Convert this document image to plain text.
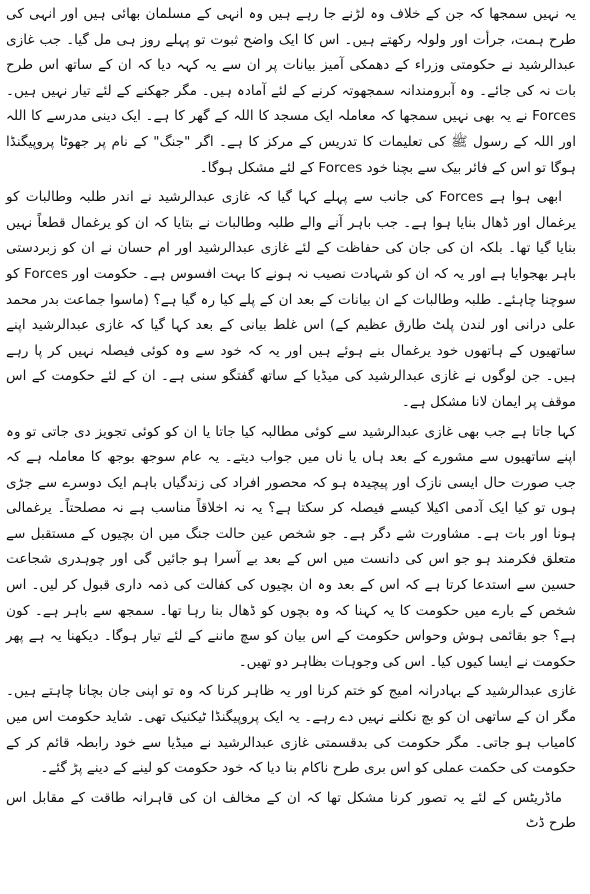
یہ نہیں سمجھا کہ جن کے خلاف وہ لڑنے جا رہے ہیں وہ انہی کے مسلمان بھائی ہیں اور انہی کی طرح ہمت، جرأت اور ولولہ رکھتے ہیں۔ اس کا ایک واضح ثبوت تو پہلے روز ہی مل گیا۔ جب غازی عبدالرشید نے حکومتی وزراء کے دھمکی آمیز بیانات پر ان سے یہ کہہ دیا کہ ان کے ساتھ اس طرح بات نہ کی جائے۔ وہ آبرومندانہ سمجھوتہ کرنے کے لئے آمادہ ہیں۔ مگر جھکنے کے لئے تیار نہیں ہیں۔ Forces نے یہ بھی نہیں سمجھا کہ معاملہ ایک مسجد کا اللہ کے گھر کا ہے۔ ایک دینی مدرسے کا اللہ اور اللہ کے رسول ﷺ کی تعلیمات کا تدریس کے مرکز کا ہے۔ اگر "جنگ" کے نام پر جھوٹا پروپیگنڈا ہوگا تو اس کے فائر بیک سے بچنا خود Forces کے لئے مشکل ہوگا۔

ابھی ہوا ہے Forces کی جانب سے پہلے کہا گیا کہ غازی عبدالرشید نے اندر طلبہ وطالبات کو یرغمال اور ڈھال بنایا ہوا ہے۔ جب باہر آنے والے طلبہ وطالبات نے بتایا کہ ان کو یرغمال قطعاً نہیں بنایا گیا تھا۔ بلکہ ان کی جان کی حفاظت کے لئے غازی عبدالرشید اور ام حسان نے ان کو زبردستی باہر بھجوایا ہے اور یہ کہ ان کو شہادت نصیب نہ ہونے کا بہت افسوس ہے۔ حکومت اور Forces کو سوچنا چاہئے۔ طلبہ وطالبات کے ان بیانات کے بعد ان کے پلے کیا رہ گیا ہے؟ (ماسوا جماعت بدر محمد علی درانی اور لندن پلٹ طارق عظیم کے) اس غلط بیانی کے بعد کہا گیا کہ غازی عبدالرشید اپنے ساتھیوں کے ہاتھوں خود یرغمال بنے ہوئے ہیں اور یہ کہ خود سے وہ کوئی فیصلہ نہیں کر پا رہے ہیں۔ جن لوگوں نے غازی عبدالرشید کی میڈیا کے ساتھ گفتگو سنی ہے۔ ان کے لئے حکومت کے اس موقف پر ایمان لانا مشکل ہے۔

کہا جاتا ہے جب بھی غازی عبدالرشید سے کوئی مطالبہ کیا جاتا یا ان کو کوئی تجویز دی جاتی تو وہ اپنے ساتھیوں سے مشورے کے بعد ہاں یا ناں میں جواب دیتے۔ یہ عام سوجھ بوجھ کا معاملہ ہے کہ جب صورت حال ایسی نازک اور پیچیدہ ہو کہ محصور افراد کی زندگیاں باہم ایک دوسرے سے جڑی ہوں تو کیا ایک آدمی اکیلا کیسے فیصلہ کر سکتا ہے؟ یہ نہ اخلاقاً مناسب ہے نہ مصلحتاً۔ یرغمالی ہونا اور بات ہے۔ مشاورت شے دگر ہے۔ جو شخص عین حالت جنگ میں ان بچیوں کے مستقبل سے متعلق فکرمند ہو جو اس کی دانست میں اس کے بعد بے آسرا ہو جائیں گی اور چوہدری شجاعت حسین سے استدعا کرتا ہے کہ اس کے بعد وہ ان بچیوں کی کفالت کی ذمہ داری قبول کر لیں۔ اس شخص کے بارے میں حکومت کا یہ کہنا کہ وہ بچوں کو ڈھال بنا رہا تھا۔ سمجھ سے باہر ہے۔ کون ہے؟ جو بقائمی ہوش وحواس حکومت کے اس بیان کو سچ ماننے کے لئے تیار ہوگا۔ دیکھنا یہ ہے پھر حکومت نے ایسا کیوں کیا۔ اس کی وجوہات بظاہر دو تھیں۔

غازی عبدالرشید کے بہادرانہ امیج کو ختم کرنا اور یہ ظاہر کرنا کہ وہ تو اپنی جان بچانا چاہتے ہیں۔ مگر ان کے ساتھی ان کو بچ نکلنے نہیں دے رہے۔ یہ ایک پروپیگنڈا ٹیکنیک تھی۔ شاید حکومت اس میں کامیاب ہو جاتی۔ مگر حکومت کی بدقسمتی غازی عبدالرشید نے میڈیا سے خود رابطہ قائم کر کے حکومت کی حکمت عملی کو اس بری طرح ناکام بنا دیا کہ خود حکومت کو لینے کے دینے پڑ گئے۔

ماڈریٹس کے لئے یہ تصور کرنا مشکل تھا کہ ان کے مخالف ان کی قاہرانہ طاقت کے مقابل اس طرح ڈٹ
